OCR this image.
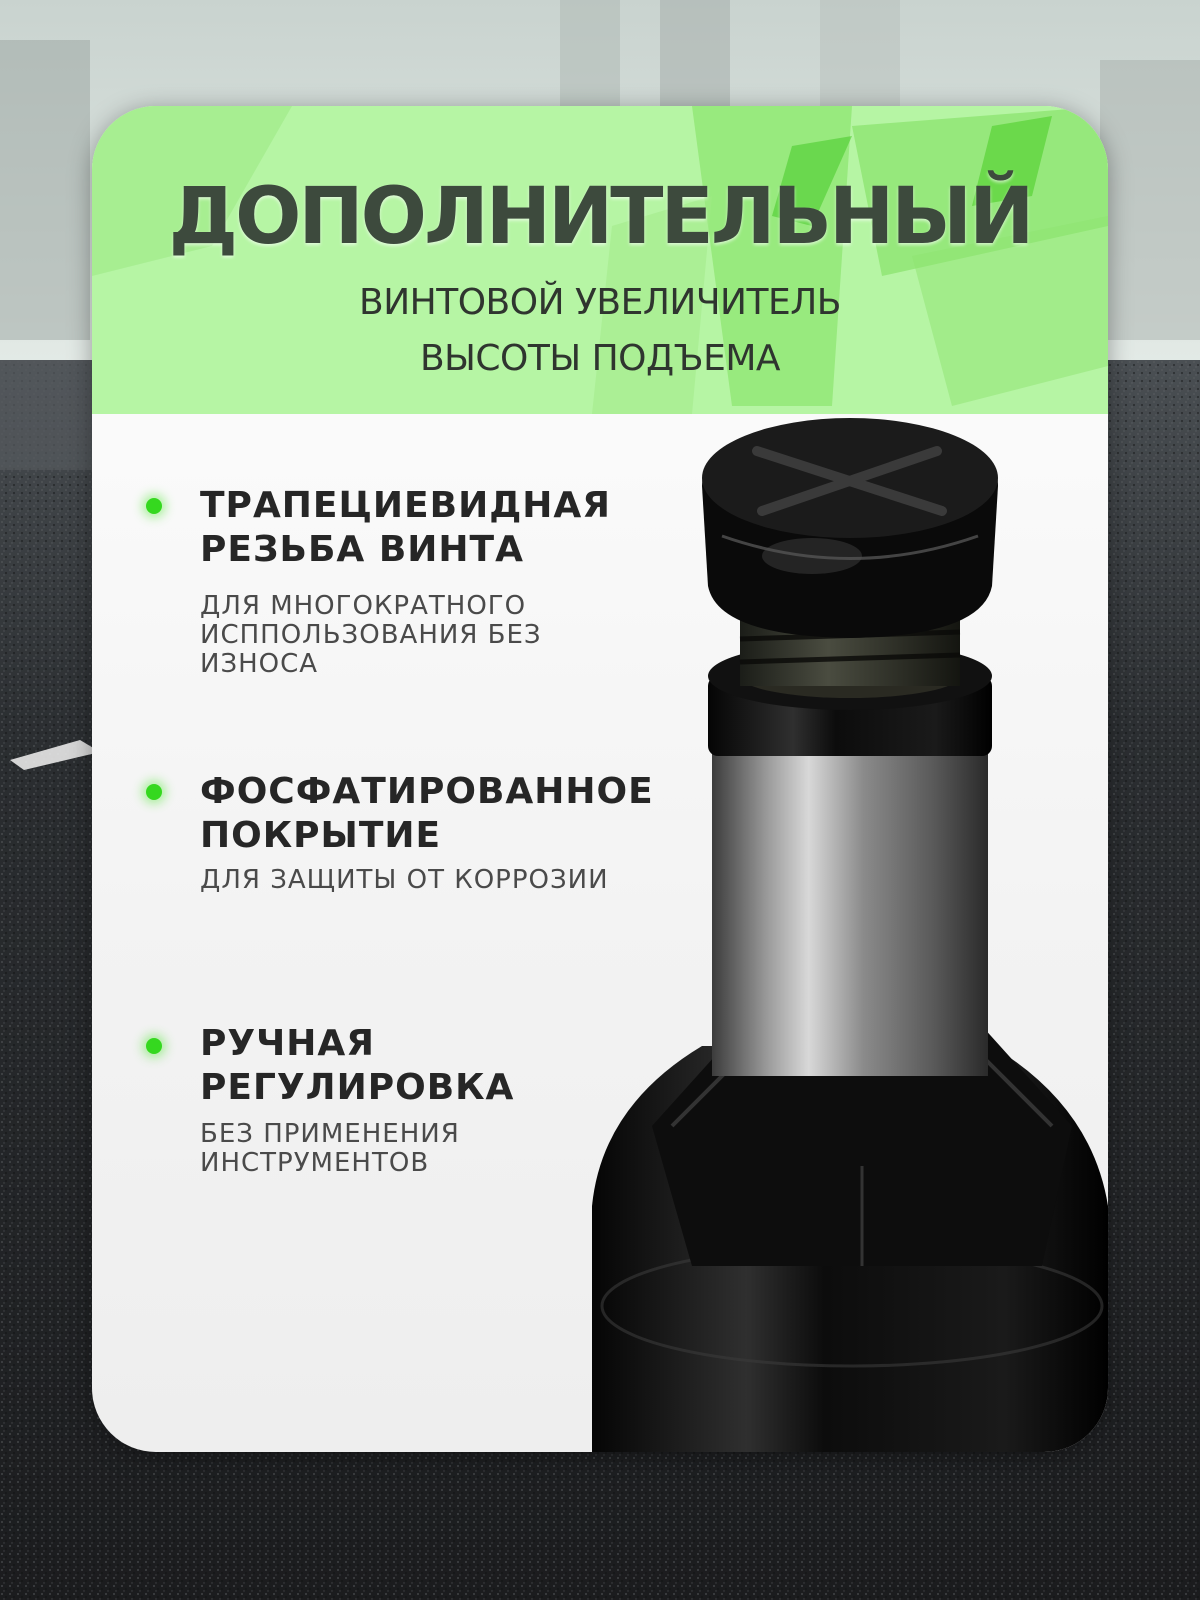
ДОПОЛНИТЕЛЬНЫЙ
ВИНТОВОЙ УВЕЛИЧИТЕЛЬ
ВЫСОТЫ ПОДЪЕМА
ТРАПЕЦИЕВИДНАЯ
РЕЗЬБА ВИНТА
ДЛЯ МНОГОКРАТНОГО
ИСППОЛЬЗОВАНИЯ БЕЗ
ИЗНОСА
ФОСФАТИРОВАННОЕ
ПОКРЫТИЕ
ДЛЯ ЗАЩИТЫ ОТ КОРРОЗИИ
РУЧНАЯ
РЕГУЛИРОВКА
БЕЗ ПРИМЕНЕНИЯ
ИНСТРУМЕНТОВ
